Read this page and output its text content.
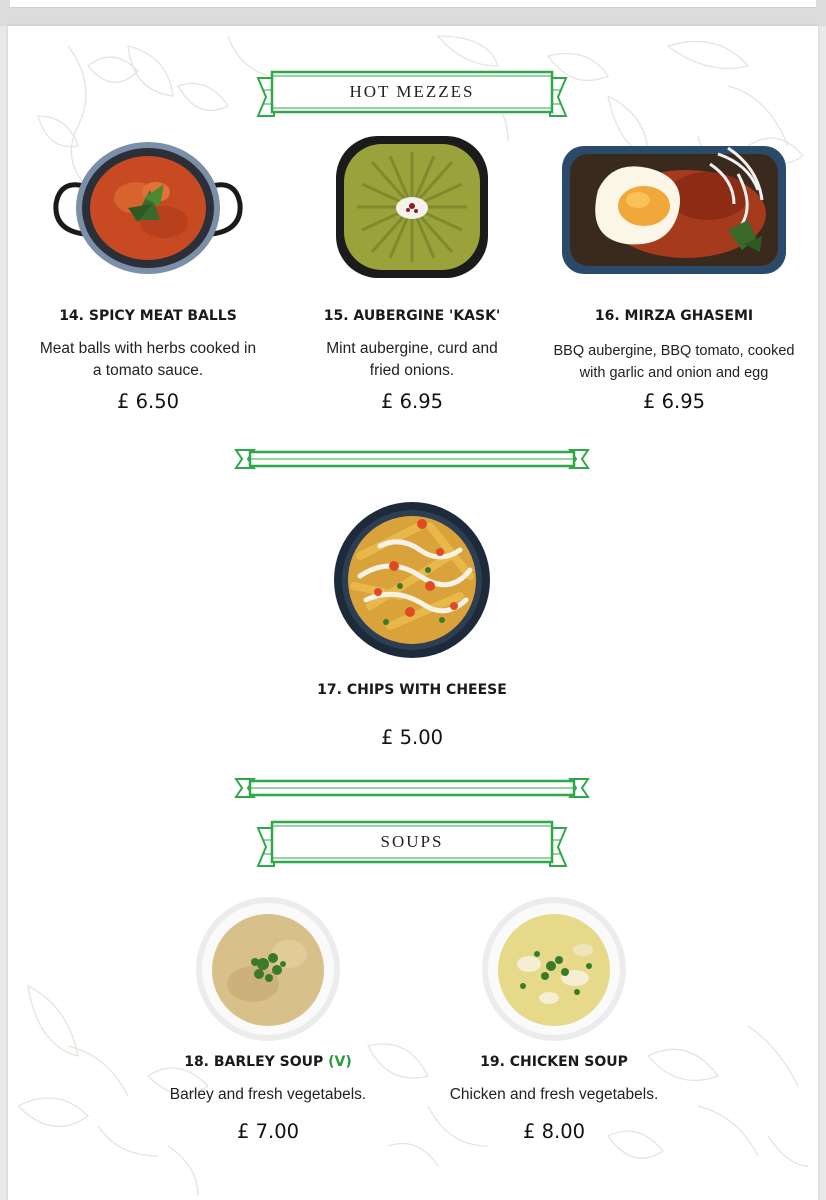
HOT MEZZES
14. SPICY MEAT BALLS
Meat balls with herbs cooked in a tomato sauce.
£ 6.50
15. AUBERGINE 'KASK'
Mint aubergine, curd and fried onions.
£ 6.95
16. MIRZA GHASEMI
BBQ aubergine, BBQ tomato, cooked with garlic and onion and egg
£ 6.95
17. CHIPS WITH CHEESE
£ 5.00
SOUPS
18. BARLEY SOUP (V)
Barley and fresh vegetabels.
£ 7.00
19. CHICKEN SOUP
Chicken and fresh vegetabels.
£ 8.00
